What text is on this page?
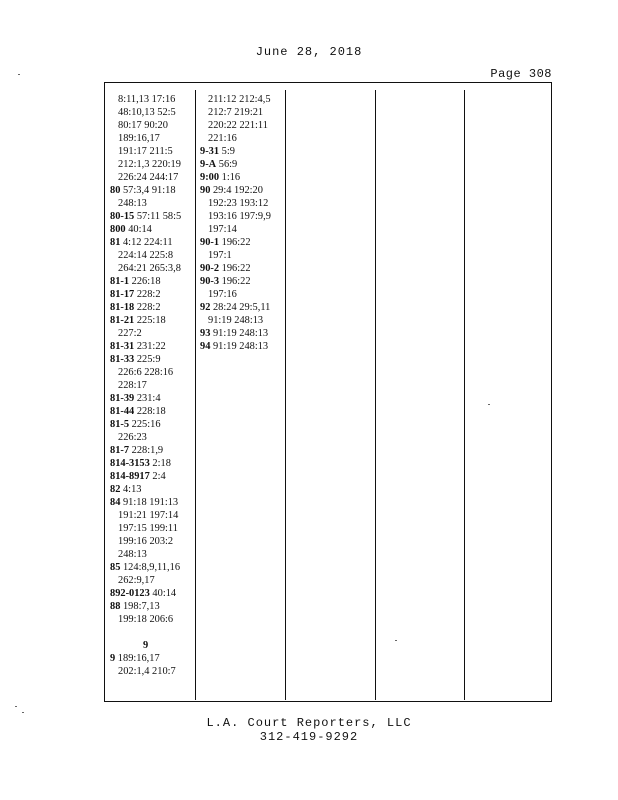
June 28, 2018
Page 308
8:11,13 17:16
48:10,13 52:5
80:17 90:20
189:16,17
191:17 211:5
212:1,3 220:19
226:24 244:17
80 57:3,4 91:18
248:13
80-15 57:11 58:5
800 40:14
81 4:12 224:11
224:14 225:8
264:21 265:3,8
81-1 226:18
81-17 228:2
81-18 228:2
81-21 225:18
227:2
81-31 231:22
81-33 225:9
226:6 228:16
228:17
81-39 231:4
81-44 228:18
81-5 225:16
226:23
81-7 228:1,9
814-3153 2:18
814-8917 2:4
82 4:13
84 91:18 191:13
191:21 197:14
197:15 199:11
199:16 203:2
248:13
85 124:8,9,11,16
262:9,17
892-0123 40:14
88 198:7,13
199:18 206:6
9
9 189:16,17
202:1,4 210:7
211:12 212:4,5
212:7 219:21
220:22 221:11
221:16
9-31 5:9
9-A 56:9
9:00 1:16
90 29:4 192:20
192:23 193:12
193:16 197:9,9
197:14
90-1 196:22
197:1
90-2 196:22
90-3 196:22
197:16
92 28:24 29:5,11
91:19 248:13
93 91:19 248:13
94 91:19 248:13
L.A. Court Reporters, LLC
312-419-9292
